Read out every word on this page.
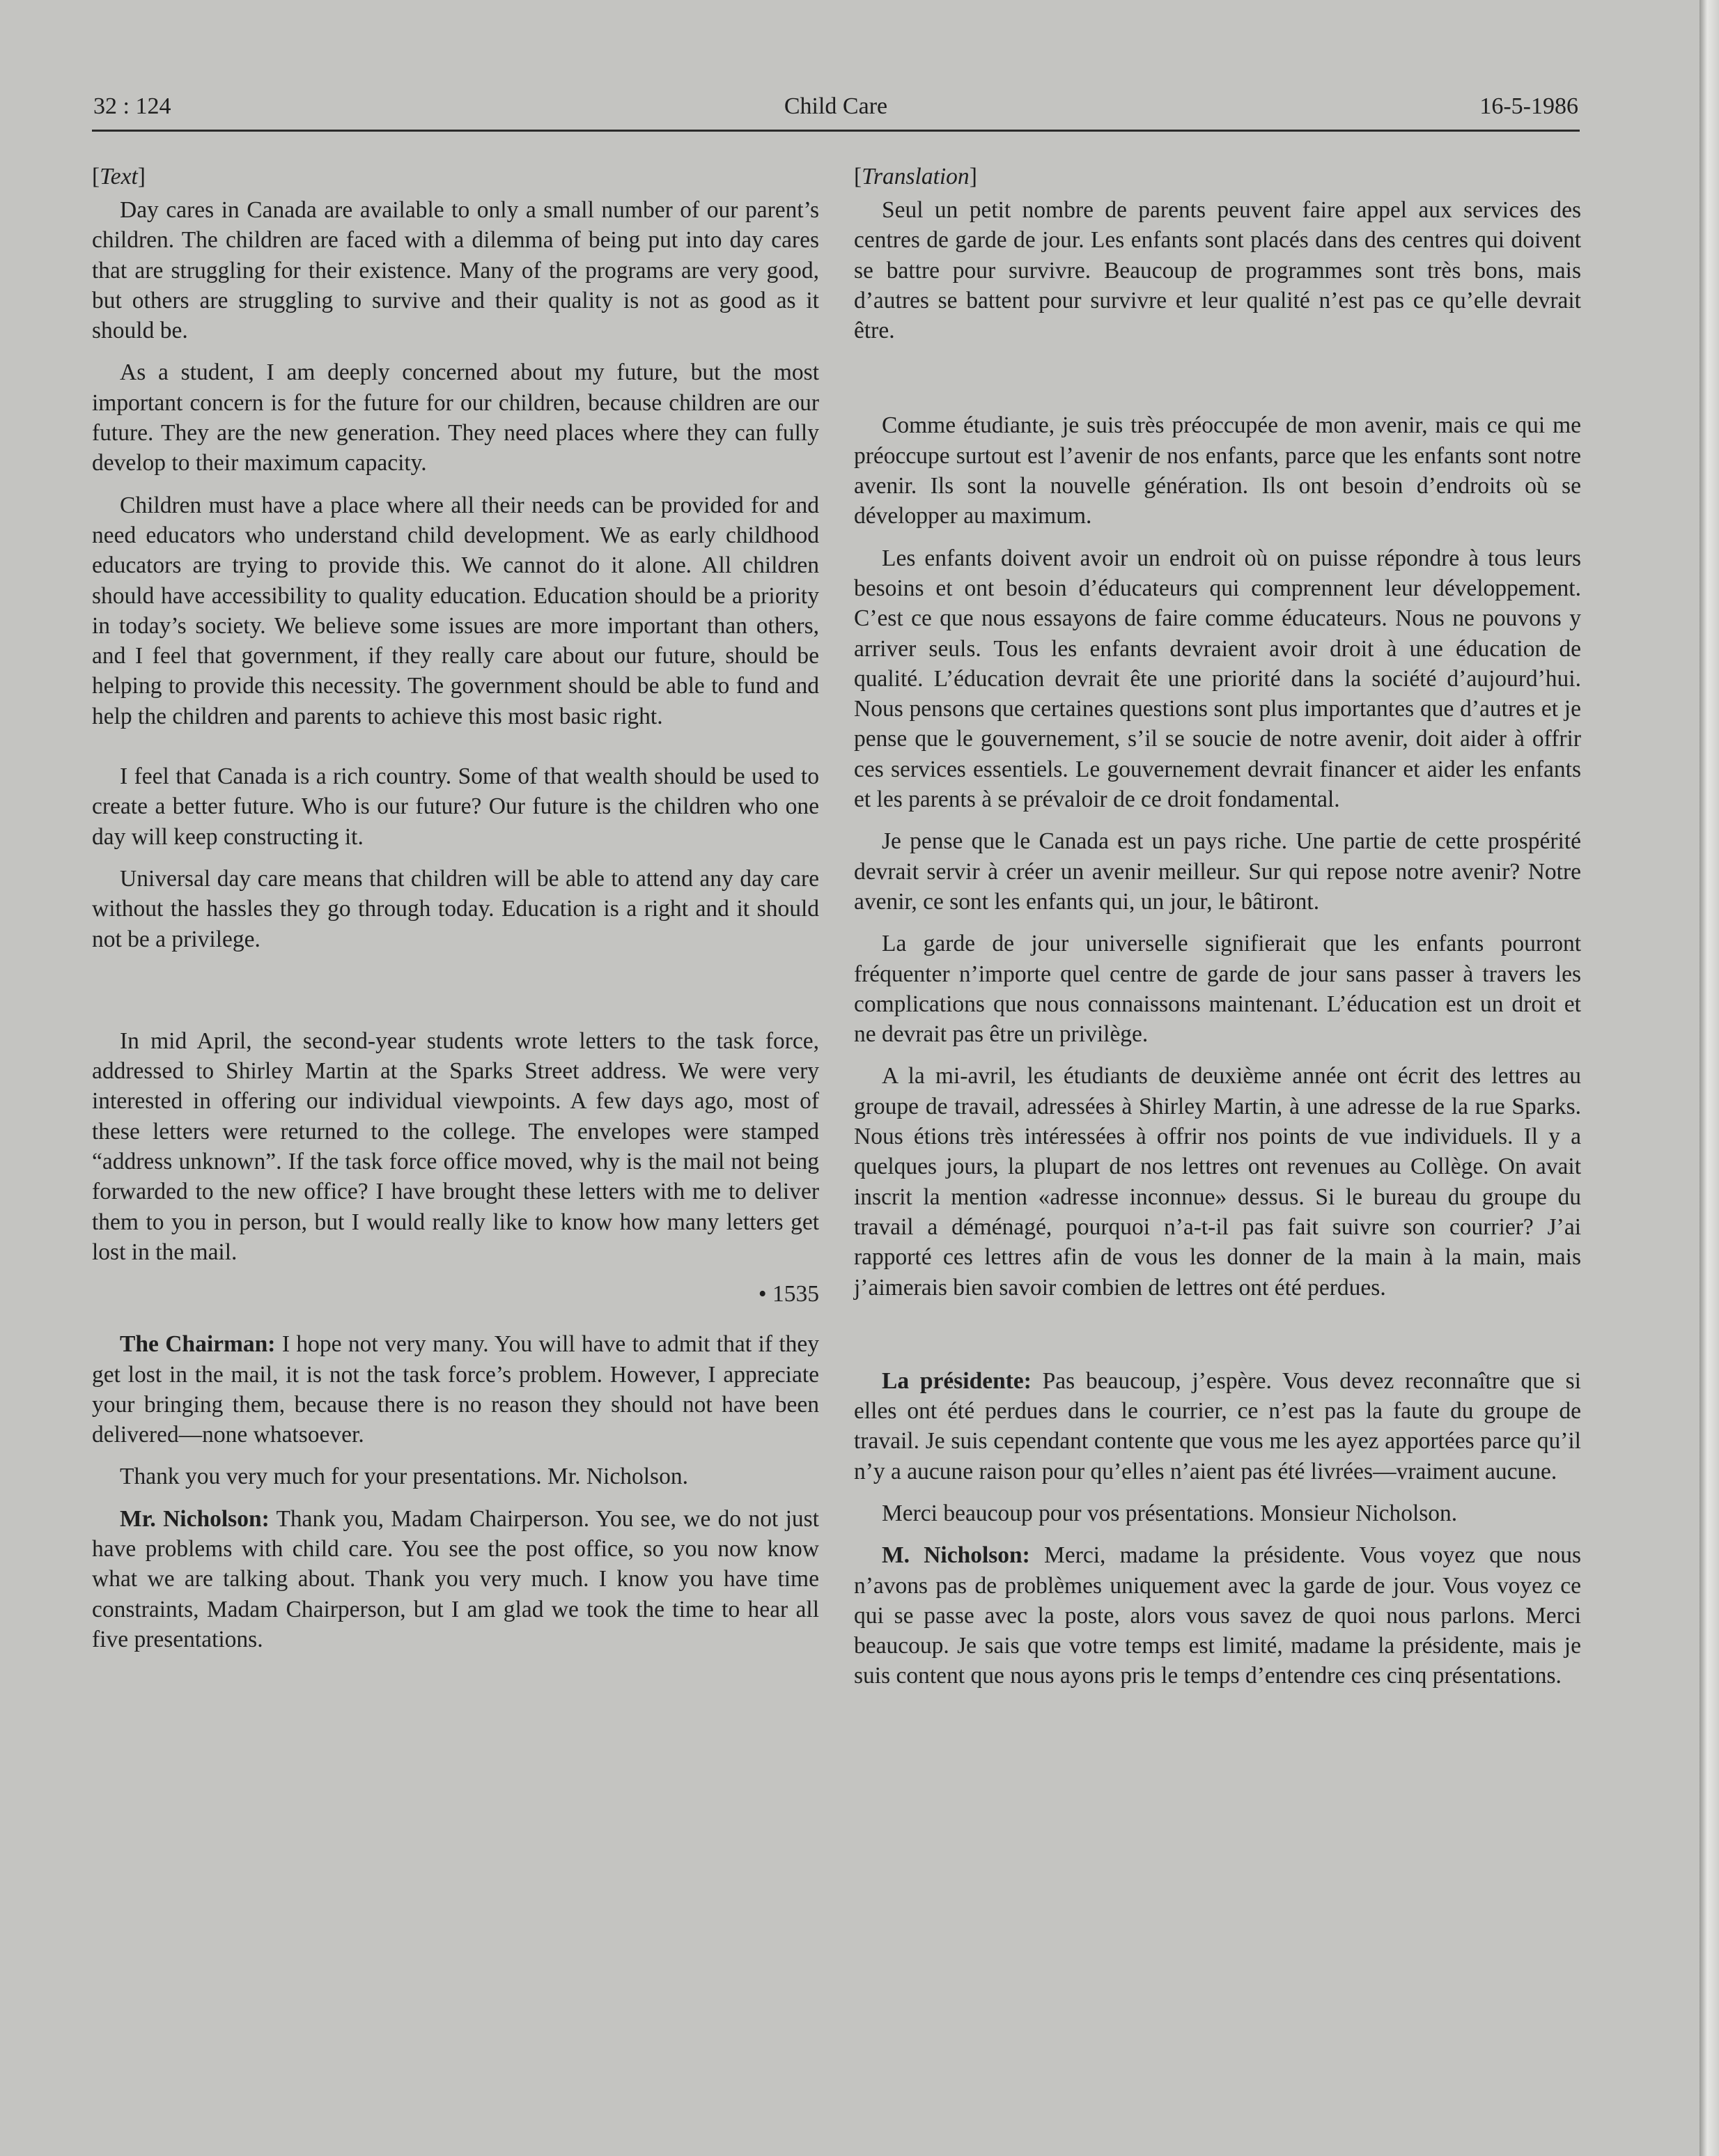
32 : 124	Child Care	16-5-1986

[Text]

Day cares in Canada are available to only a small number of our parent’s children. The children are faced with a dilemma of being put into day cares that are struggling for their existence. Many of the programs are very good, but others are struggling to survive and their quality is not as good as it should be.

As a student, I am deeply concerned about my future, but the most important concern is for the future for our children, because children are our future. They are the new generation. They need places where they can fully develop to their maximum capacity.

Children must have a place where all their needs can be provided for and need educators who understand child development. We as early childhood educators are trying to provide this. We cannot do it alone. All children should have accessibility to quality education. Education should be a priority in today’s society. We believe some issues are more important than others, and I feel that government, if they really care about our future, should be helping to provide this necessity. The government should be able to fund and help the children and parents to achieve this most basic right.

I feel that Canada is a rich country. Some of that wealth should be used to create a better future. Who is our future? Our future is the children who one day will keep constructing it.

Universal day care means that children will be able to attend any day care without the hassles they go through today. Education is a right and it should not be a privilege.

In mid April, the second-year students wrote letters to the task force, addressed to Shirley Martin at the Sparks Street address. We were very interested in offering our individual viewpoints. A few days ago, most of these letters were returned to the college. The envelopes were stamped “address unknown”. If the task force office moved, why is the mail not being forwarded to the new office? I have brought these letters with me to deliver them to you in person, but I would really like to know how many letters get lost in the mail.

• 1535

The Chairman: I hope not very many. You will have to admit that if they get lost in the mail, it is not the task force’s problem. However, I appreciate your bringing them, because there is no reason they should not have been delivered—none whatsoever.

Thank you very much for your presentations. Mr. Nicholson.

Mr. Nicholson: Thank you, Madam Chairperson. You see, we do not just have problems with child care. You see the post office, so you now know what we are talking about. Thank you very much. I know you have time constraints, Madam Chairperson, but I am glad we took the time to hear all five presentations.

[Translation]

Seul un petit nombre de parents peuvent faire appel aux services des centres de garde de jour. Les enfants sont placés dans des centres qui doivent se battre pour survivre. Beaucoup de programmes sont très bons, mais d’autres se battent pour survivre et leur qualité n’est pas ce qu’elle devrait être.

Comme étudiante, je suis très préoccupée de mon avenir, mais ce qui me préoccupe surtout est l’avenir de nos enfants, parce que les enfants sont notre avenir. Ils sont la nouvelle génération. Ils ont besoin d’endroits où se développer au maximum.

Les enfants doivent avoir un endroit où on puisse répondre à tous leurs besoins et ont besoin d’éducateurs qui comprennent leur développement. C’est ce que nous essayons de faire comme éducateurs. Nous ne pouvons y arriver seuls. Tous les enfants devraient avoir droit à une éducation de qualité. L’éducation devrait ête une priorité dans la société d’aujourd’hui. Nous pensons que certaines questions sont plus importantes que d’autres et je pense que le gouvernement, s’il se soucie de notre avenir, doit aider à offrir ces services essentiels. Le gouvernement devrait financer et aider les enfants et les parents à se prévaloir de ce droit fondamental.

Je pense que le Canada est un pays riche. Une partie de cette prospérité devrait servir à créer un avenir meilleur. Sur qui repose notre avenir? Notre avenir, ce sont les enfants qui, un jour, le bâtiront.

La garde de jour universelle signifierait que les enfants pourront fréquenter n’importe quel centre de garde de jour sans passer à travers les complications que nous connaissons maintenant. L’éducation est un droit et ne devrait pas être un privilège.

A la mi-avril, les étudiants de deuxième année ont écrit des lettres au groupe de travail, adressées à Shirley Martin, à une adresse de la rue Sparks. Nous étions très intéressées à offrir nos points de vue individuels. Il y a quelques jours, la plupart de nos lettres ont revenues au Collège. On avait inscrit la mention «adresse inconnue» dessus. Si le bureau du groupe du travail a déménagé, pourquoi n’a-t-il pas fait suivre son courrier? J’ai rapporté ces lettres afin de vous les donner de la main à la main, mais j’aimerais bien savoir combien de lettres ont été perdues.

La présidente: Pas beaucoup, j’espère. Vous devez reconnaître que si elles ont été perdues dans le courrier, ce n’est pas la faute du groupe de travail. Je suis cependant contente que vous me les ayez apportées parce qu’il n’y a aucune raison pour qu’elles n’aient pas été livrées—vraiment aucune.

Merci beaucoup pour vos présentations. Monsieur Nicholson.

M. Nicholson: Merci, madame la présidente. Vous voyez que nous n’avons pas de problèmes uniquement avec la garde de jour. Vous voyez ce qui se passe avec la poste, alors vous savez de quoi nous parlons. Merci beaucoup. Je sais que votre temps est limité, madame la présidente, mais je suis content que nous ayons pris le temps d’entendre ces cinq présentations.
